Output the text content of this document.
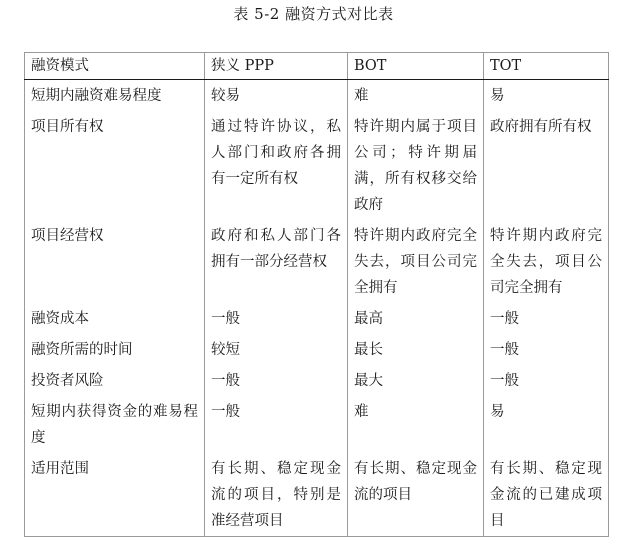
表 5-2 融资方式对比表
融资模式	狭义 PPP	BOT	TOT
短期内融资难易程度	较易	难	易
项目所有权	通过特许协议，私人部门和政府各拥有一定所有权	特许期内属于项目公司；特许期届满，所有权移交给政府	政府拥有所有权
项目经营权	政府和私人部门各拥有一部分经营权	特许期内政府完全失去，项目公司完全拥有	特许期内政府完全失去，项目公司完全拥有
融资成本	一般	最高	一般
融资所需的时间	较短	最长	一般
投资者风险	一般	最大	一般
短期内获得资金的难易程度	一般	难	易
适用范围	有长期、稳定现金流的项目，特别是准经营项目	有长期、稳定现金流的项目	有长期、稳定现金流的已建成项目
